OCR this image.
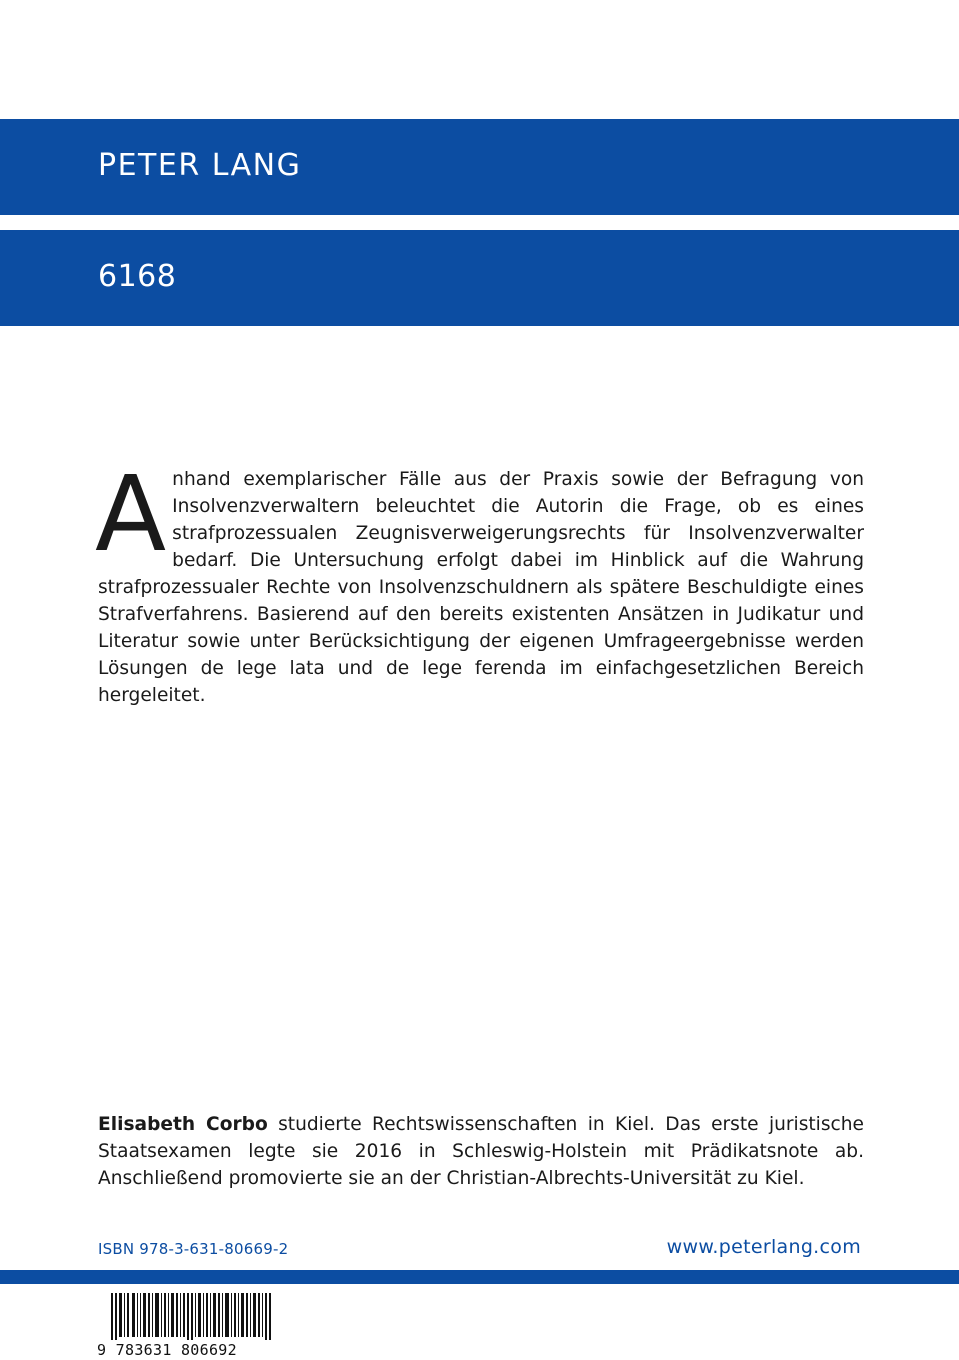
PETER LANG
6168
A nhand exemplarischer Fälle aus der Praxis sowie der Befragung von Insolvenzverwaltern beleuchtet die Autorin die Frage, ob es eines strafprozessualen Zeugnisverweigerungsrechts für Insolvenzverwalter bedarf. Die Untersuchung erfolgt dabei im Hinblick auf die Wahrung strafprozessualer Rechte von Insolvenzschuldnern als spätere Beschuldigte eines Strafverfahrens. Basierend auf den bereits existenten Ansätzen in Judikatur und Literatur sowie unter Berücksichtigung der eigenen Umfrageergebnisse werden Lösungen de lege lata und de lege ferenda im einfachgesetzlichen Bereich hergeleitet.

Elisabeth Corbo studierte Rechtswissenschaften in Kiel. Das erste juristische Staatsexamen legte sie 2016 in Schleswig-Holstein mit Prädikatsnote ab. Anschließend promovierte sie an der Christian-Albrechts-Universität zu Kiel.
ISBN 978-3-631-80669-2	www.peterlang.com
9 783631 806692
